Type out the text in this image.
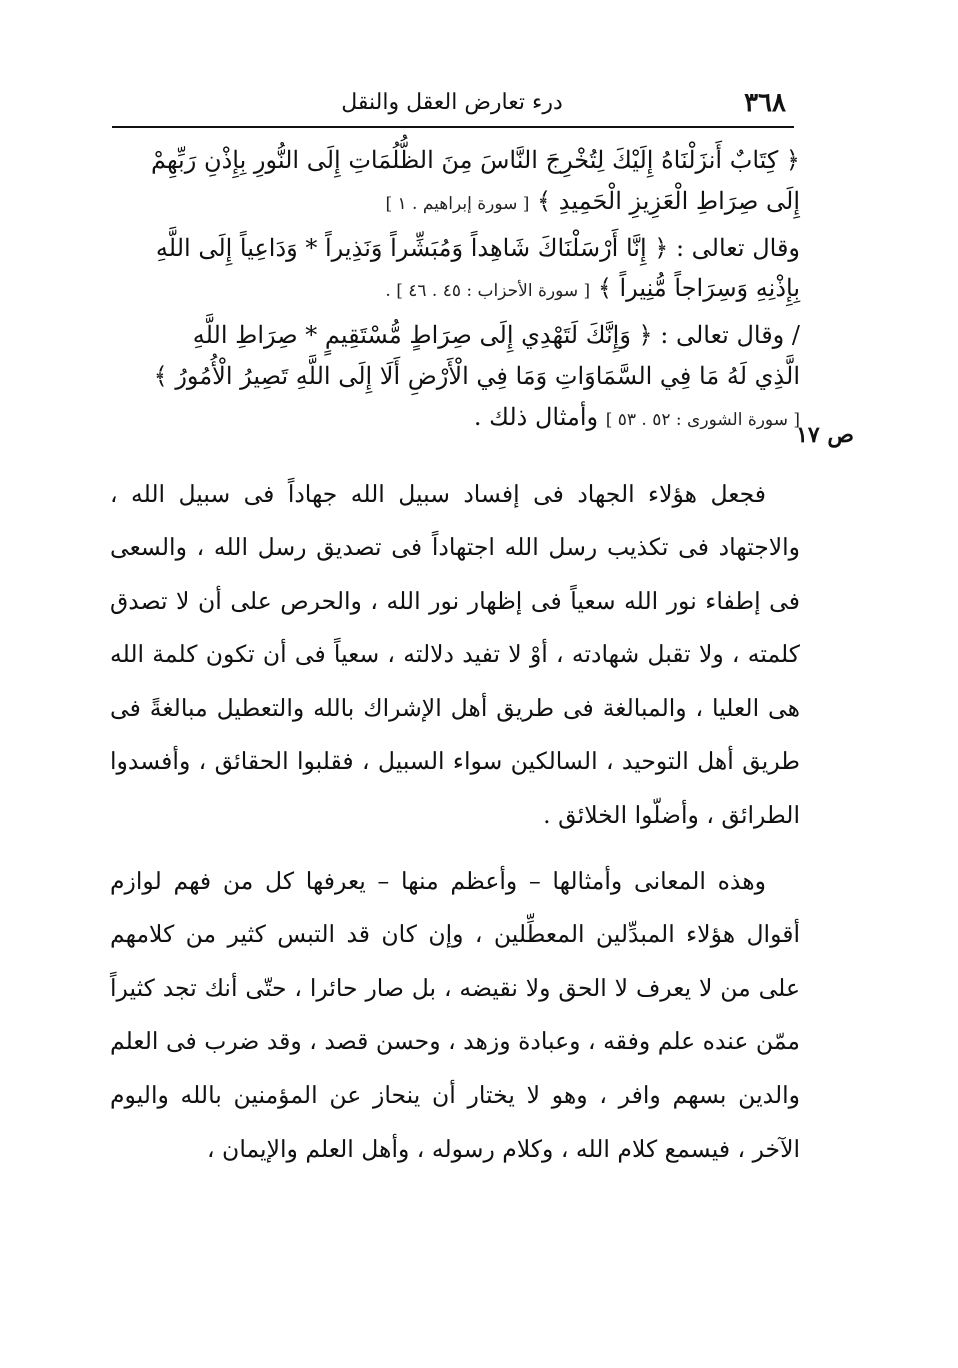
٣٦٨
درء تعارض العقل والنقل
ص ١٧

﴿ كِتَابٌ أَنزَلْنَاهُ إِلَيْكَ لِتُخْرِجَ النَّاسَ مِنَ الظُّلُمَاتِ إِلَى النُّورِ بِإِذْنِ رَبِّهِمْ

إِلَى صِرَاطِ الْعَزِيزِ الْحَمِيدِ ﴾ [ سورة إبراهيم . ١ ]

وقال تعالى : ﴿ إِنَّا أَرْسَلْنَاكَ شَاهِداً وَمُبَشِّراً وَنَذِيراً * وَدَاعِياً إِلَى اللَّهِ

بِإِذْنِهِ وَسِرَاجاً مُّنِيراً ﴾ [ سورة الأحزاب : ٤٥ . ٤٦ ] .

/ وقال تعالى : ﴿ وَإِنَّكَ لَتَهْدِي إِلَى صِرَاطٍ مُّسْتَقِيمٍ * صِرَاطِ اللَّهِ

الَّذِي لَهُ مَا فِي السَّمَاوَاتِ وَمَا فِي الْأَرْضِ أَلَا إِلَى اللَّهِ تَصِيرُ الْأُمُورُ ﴾

[ سورة الشورى : ٥٢ . ٥٣ ] وأمثال ذلك .

فجعل هؤلاء الجهاد فى إفساد سبيل الله جهاداً فى سبيل الله ، والاجتهاد فى تكذيب رسل الله اجتهاداً فى تصديق رسل الله ، والسعى فى إطفاء نور الله سعياً فى إظهار نور الله ، والحرص على أن لا تصدق كلمته ، ولا تقبل شهادته ، أوْ لا تفيد دلالته ، سعياً فى أن تكون كلمة الله هى العليا ، والمبالغة فى طريق أهل الإشراك بالله والتعطيل مبالغةً فى طريق أهل التوحيد ، السالكين سواء السبيل ، فقلبوا الحقائق ، وأفسدوا الطرائق ، وأضلّوا الخلائق .

وهذه المعانى وأمثالها – وأعظم منها – يعرفها كل من فهم لوازم أقوال هؤلاء المبدِّلين المعطِّلين ، وإن كان قد التبس كثير من كلامهم على من لا يعرف لا الحق ولا نقيضه ، بل صار حائرا ، حتّى أنك تجد كثيراً ممّن عنده علم وفقه ، وعبادة وزهد ، وحسن قصد ، وقد ضرب فى العلم والدين بسهم وافر ، وهو لا يختار أن ينحاز عن المؤمنين بالله واليوم الآخر ، فيسمع كلام الله ، وكلام رسوله ، وأهل العلم والإيمان ،
